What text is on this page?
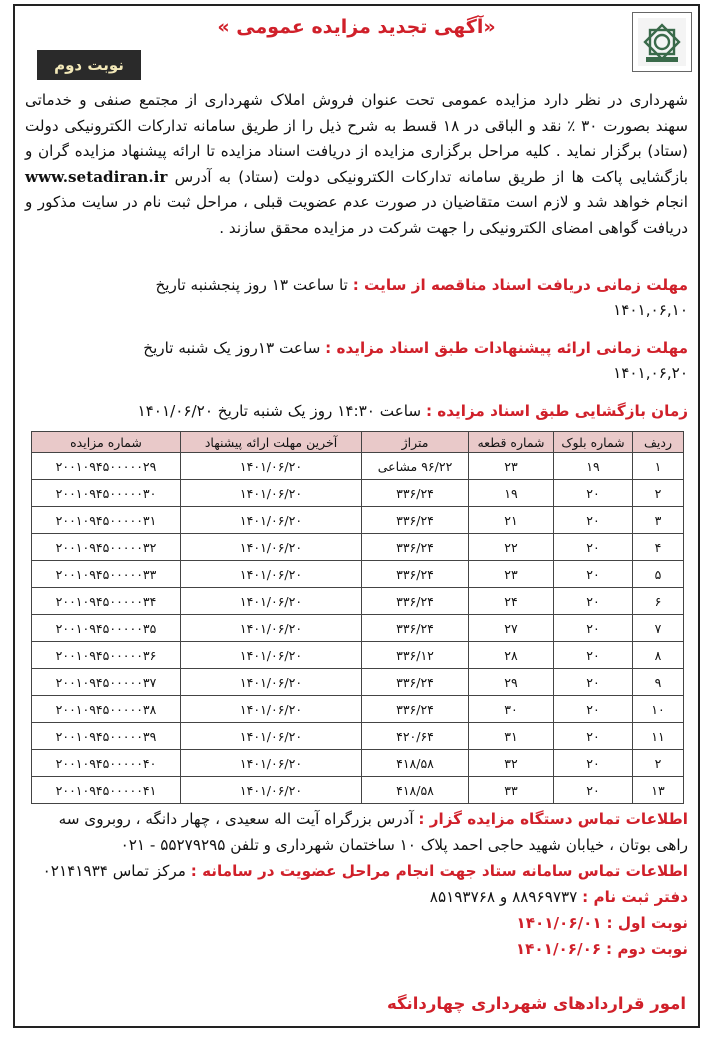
«آگهی تجدید مزایده عمومی »
نوبت دوم
شهرداری در نظر دارد مزایده عمومی تحت عنوان فروش املاک شهرداری از مجتمع صنفی و خدماتی سهند بصورت ۳۰ ٪ نقد و الباقی در ۱۸ قسط به شرح ذیل را از طریق سامانه تدارکات الکترونیکی دولت (ستاد) برگزار نماید . کلیه مراحل برگزاری مزایده از دریافت اسناد مزایده تا ارائه پیشنهاد مزایده گران و بازگشایی پاکت ها از طریق سامانه تدارکات الکترونیکی دولت (ستاد) به آدرس www.setadiran.ir انجام خواهد شد و لازم است متقاضیان در صورت عدم عضویت قبلی ، مراحل ثبت نام در سایت مذکور و دریافت گواهی امضای الکترونیکی را جهت شرکت در مزایده محقق سازند .
مهلت زمانی دریافت اسناد مناقصه از سایت : تا ساعت ۱۳ روز پنجشنبه تاریخ
۱۴۰۱,۰۶,۱۰
مهلت زمانی ارائه پیشنهادات طبق اسناد مزایده : ساعت ۱۳روز یک شنبه تاریخ
۱۴۰۱,۰۶,۲۰
زمان بازگشایی طبق اسناد مزایده : ساعت ۱۴:۳۰ روز یک شنبه تاریخ ۱۴۰۱/۰۶/۲۰
ردیف	شماره بلوک	شماره قطعه	متراژ	آخرین مهلت ارائه پیشنهاد	شماره مزایده
۱	۱۹	۲۳	۹۶/۲۲ مشاعی	۱۴۰۱/۰۶/۲۰	۲۰۰۱۰۹۴۵۰۰۰۰۰۲۹
۲	۲۰	۱۹	۳۳۶/۲۴	۱۴۰۱/۰۶/۲۰	۲۰۰۱۰۹۴۵۰۰۰۰۰۳۰
۳	۲۰	۲۱	۳۳۶/۲۴	۱۴۰۱/۰۶/۲۰	۲۰۰۱۰۹۴۵۰۰۰۰۰۳۱
۴	۲۰	۲۲	۳۳۶/۲۴	۱۴۰۱/۰۶/۲۰	۲۰۰۱۰۹۴۵۰۰۰۰۰۳۲
۵	۲۰	۲۳	۳۳۶/۲۴	۱۴۰۱/۰۶/۲۰	۲۰۰۱۰۹۴۵۰۰۰۰۰۳۳
۶	۲۰	۲۴	۳۳۶/۲۴	۱۴۰۱/۰۶/۲۰	۲۰۰۱۰۹۴۵۰۰۰۰۰۳۴
۷	۲۰	۲۷	۳۳۶/۲۴	۱۴۰۱/۰۶/۲۰	۲۰۰۱۰۹۴۵۰۰۰۰۰۳۵
۸	۲۰	۲۸	۳۳۶/۱۲	۱۴۰۱/۰۶/۲۰	۲۰۰۱۰۹۴۵۰۰۰۰۰۳۶
۹	۲۰	۲۹	۳۳۶/۲۴	۱۴۰۱/۰۶/۲۰	۲۰۰۱۰۹۴۵۰۰۰۰۰۳۷
۱۰	۲۰	۳۰	۳۳۶/۲۴	۱۴۰۱/۰۶/۲۰	۲۰۰۱۰۹۴۵۰۰۰۰۰۳۸
۱۱	۲۰	۳۱	۴۲۰/۶۴	۱۴۰۱/۰۶/۲۰	۲۰۰۱۰۹۴۵۰۰۰۰۰۳۹
۲	۲۰	۳۲	۴۱۸/۵۸	۱۴۰۱/۰۶/۲۰	۲۰۰۱۰۹۴۵۰۰۰۰۰۴۰
۱۳	۲۰	۳۳	۴۱۸/۵۸	۱۴۰۱/۰۶/۲۰	۲۰۰۱۰۹۴۵۰۰۰۰۰۴۱
اطلاعات تماس دستگاه مزایده گزار : آدرس بزرگراه آیت اله سعیدی ، چهار دانگه ، روبروی سه راهی بوتان ، خیابان شهید حاجی احمد پلاک ۱۰ ساختمان شهرداری و تلفن ۵۵۲۷۹۲۹۵ - ۰۲۱
اطلاعات تماس سامانه ستاد جهت انجام مراحل عضویت در سامانه : مرکز تماس ۰۲۱۴۱۹۳۴
دفتر ثبت نام : ۸۸۹۶۹۷۳۷ و ۸۵۱۹۳۷۶۸
نوبت اول : ۱۴۰۱/۰۶/۰۱
نوبت دوم : ۱۴۰۱/۰۶/۰۶
امور قراردادهای شهرداری چهاردانگه
